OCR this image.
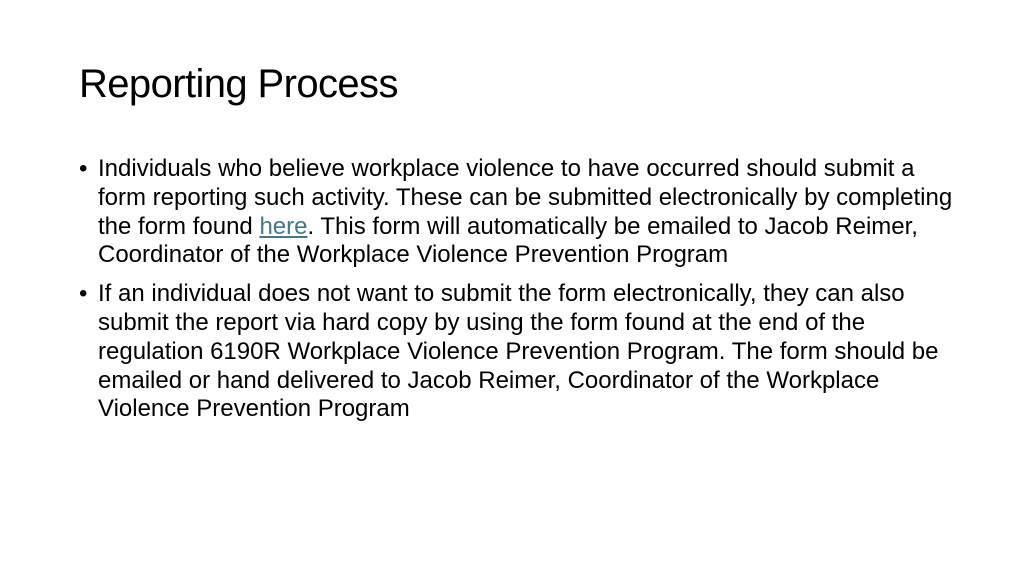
Reporting Process
• Individuals who believe workplace violence to have occurred should submit a form reporting such activity. These can be submitted electronically by completing the form found here. This form will automatically be emailed to Jacob Reimer, Coordinator of the Workplace Violence Prevention Program
• If an individual does not want to submit the form electronically, they can also submit the report via hard copy by using the form found at the end of the regulation 6190R Workplace Violence Prevention Program. The form should be emailed or hand delivered to Jacob Reimer, Coordinator of the Workplace Violence Prevention Program
